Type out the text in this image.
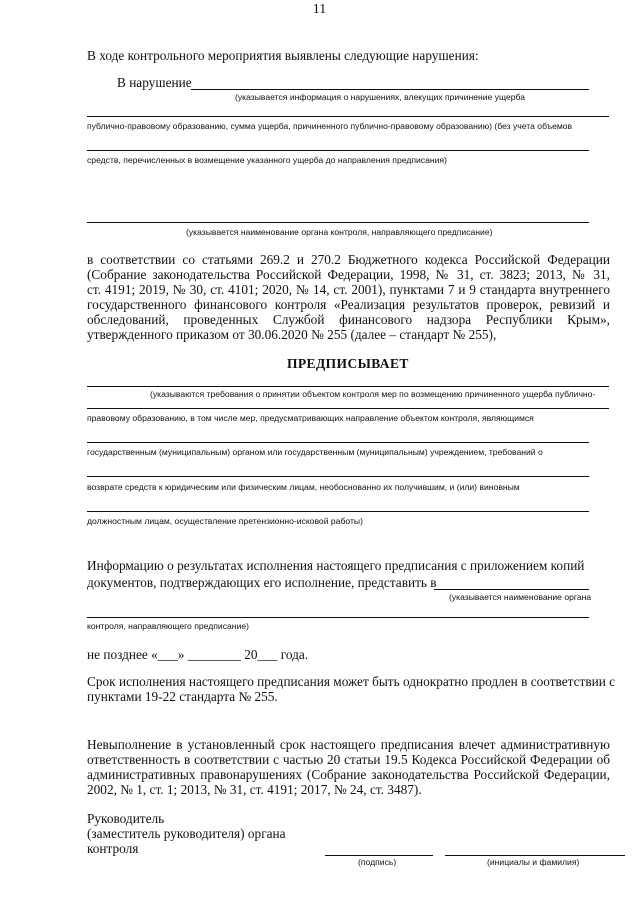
11
В ходе контрольного мероприятия выявлены следующие нарушения:
В нарушение
(указывается информация о нарушениях, влекущих причинение ущерба
публично-правовому образованию, сумма ущерба, причиненного публично-правовому образованию) (без учета объемов
средств, перечисленных в возмещение указанного ущерба до направления предписания)
(указывается наименование органа контроля, направляющего предписание)
в соответствии со статьями 269.2 и 270.2 Бюджетного кодекса Российской Федерации
(Собрание законодательства Российской Федерации, 1998, № 31, ст. 3823; 2013, № 31,
ст. 4191; 2019, № 30, ст. 4101; 2020, № 14, ст. 2001), пунктами 7 и 9 стандарта внутреннего
государственного финансового контроля «Реализация результатов проверок, ревизий и
обследований, проведенных Службой финансового надзора Республики Крым»,
утвержденного приказом от 30.06.2020 № 255 (далее – стандарт № 255),
ПРЕДПИСЫВАЕТ
(указываются требования о принятии объектом контроля мер по возмещению причиненного ущерба публично-
правовому образованию, в том числе мер, предусматривающих направление объектом контроля, являющимся
государственным (муниципальным) органом или государственным (муниципальным) учреждением, требований о
возврате средств к юридическим или физическим лицам, необоснованно их получившим, и (или) виновным
должностным лицам, осуществление претензионно-исковой работы)
Информацию о результатах исполнения настоящего предписания с приложением копий
документов, подтверждающих его исполнение, представить в
(указывается наименование органа
контроля, направляющего предписание)
не позднее «___» ________ 20___ года.
Срок исполнения настоящего предписания может быть однократно продлен в соответствии с
пунктами 19-22 стандарта № 255.
Невыполнение в установленный срок настоящего предписания влечет административную
ответственность в соответствии с частью 20 статьи 19.5 Кодекса Российской Федерации об
административных правонарушениях (Собрание законодательства Российской Федерации,
2002, № 1, ст. 1; 2013, № 31, ст. 4191; 2017, № 24, ст. 3487).
Руководитель
(заместитель руководителя) органа
контроля
(подпись)	(инициалы и фамилия)
